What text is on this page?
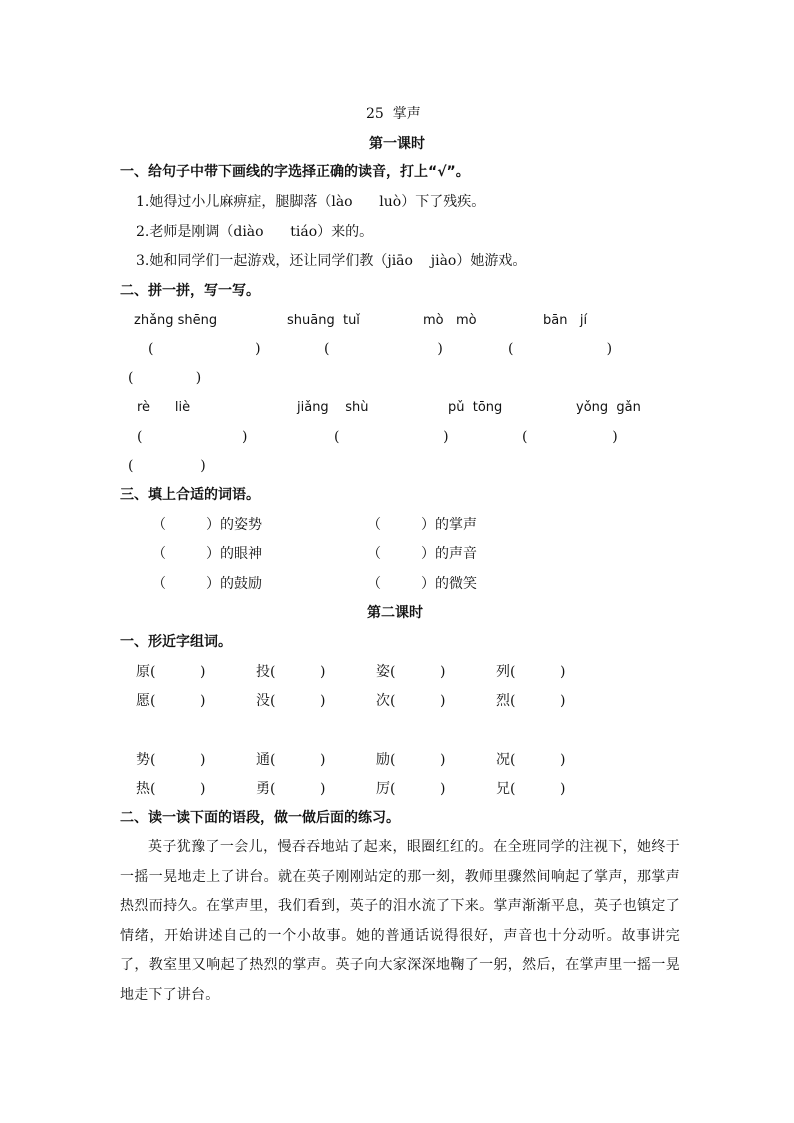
25  掌声
第一课时
一、给句子中带下画线的字选择正确的读音，打上“√”。
1.她得过小儿麻痹症，腿脚落（lào      luò）下了残疾。
2.老师是刚调（diào      tiáo）来的。
3.她和同学们一起游戏，还让同学们教（jiāo    jiào）她游戏。
二、拼一拼，写一写。
zhǎng shēng	shuāng  tuǐ	mò   mò	bān   jí
(                    )	(                    )	(                    )
(              )
rè      liè	jiǎng    shù	pǔ  tōng	yǒng  gǎn
(                    )	(                    )	(                    )
(               )
三、填上合适的词语。
（         ）的姿势	（         ）的掌声
（         ）的眼神	（         ）的声音
（         ）的鼓励	（         ）的微笑
第二课时
一、形近字组词。
原(          )	投(          )	姿(          )	列(          )
愿(          )	没(          )	次(          )	烈(          )
势(          )	通(          )	励(          )	况(          )
热(          )	勇(          )	厉(          )	兄(          )
二、读一读下面的语段，做一做后面的练习。
英子犹豫了一会儿，慢吞吞地站了起来，眼圈红红的。在全班同学的注视下，她终于一摇一晃地走上了讲台。就在英子刚刚站定的那一刻，教师里骤然间响起了掌声，那掌声热烈而持久。在掌声里，我们看到，英子的泪水流了下来。掌声渐渐平息，英子也镇定了情绪，开始讲述自己的一个小故事。她的普通话说得很好，声音也十分动听。故事讲完了，教室里又响起了热烈的掌声。英子向大家深深地鞠了一躬，然后，在掌声里一摇一晃地走下了讲台。
